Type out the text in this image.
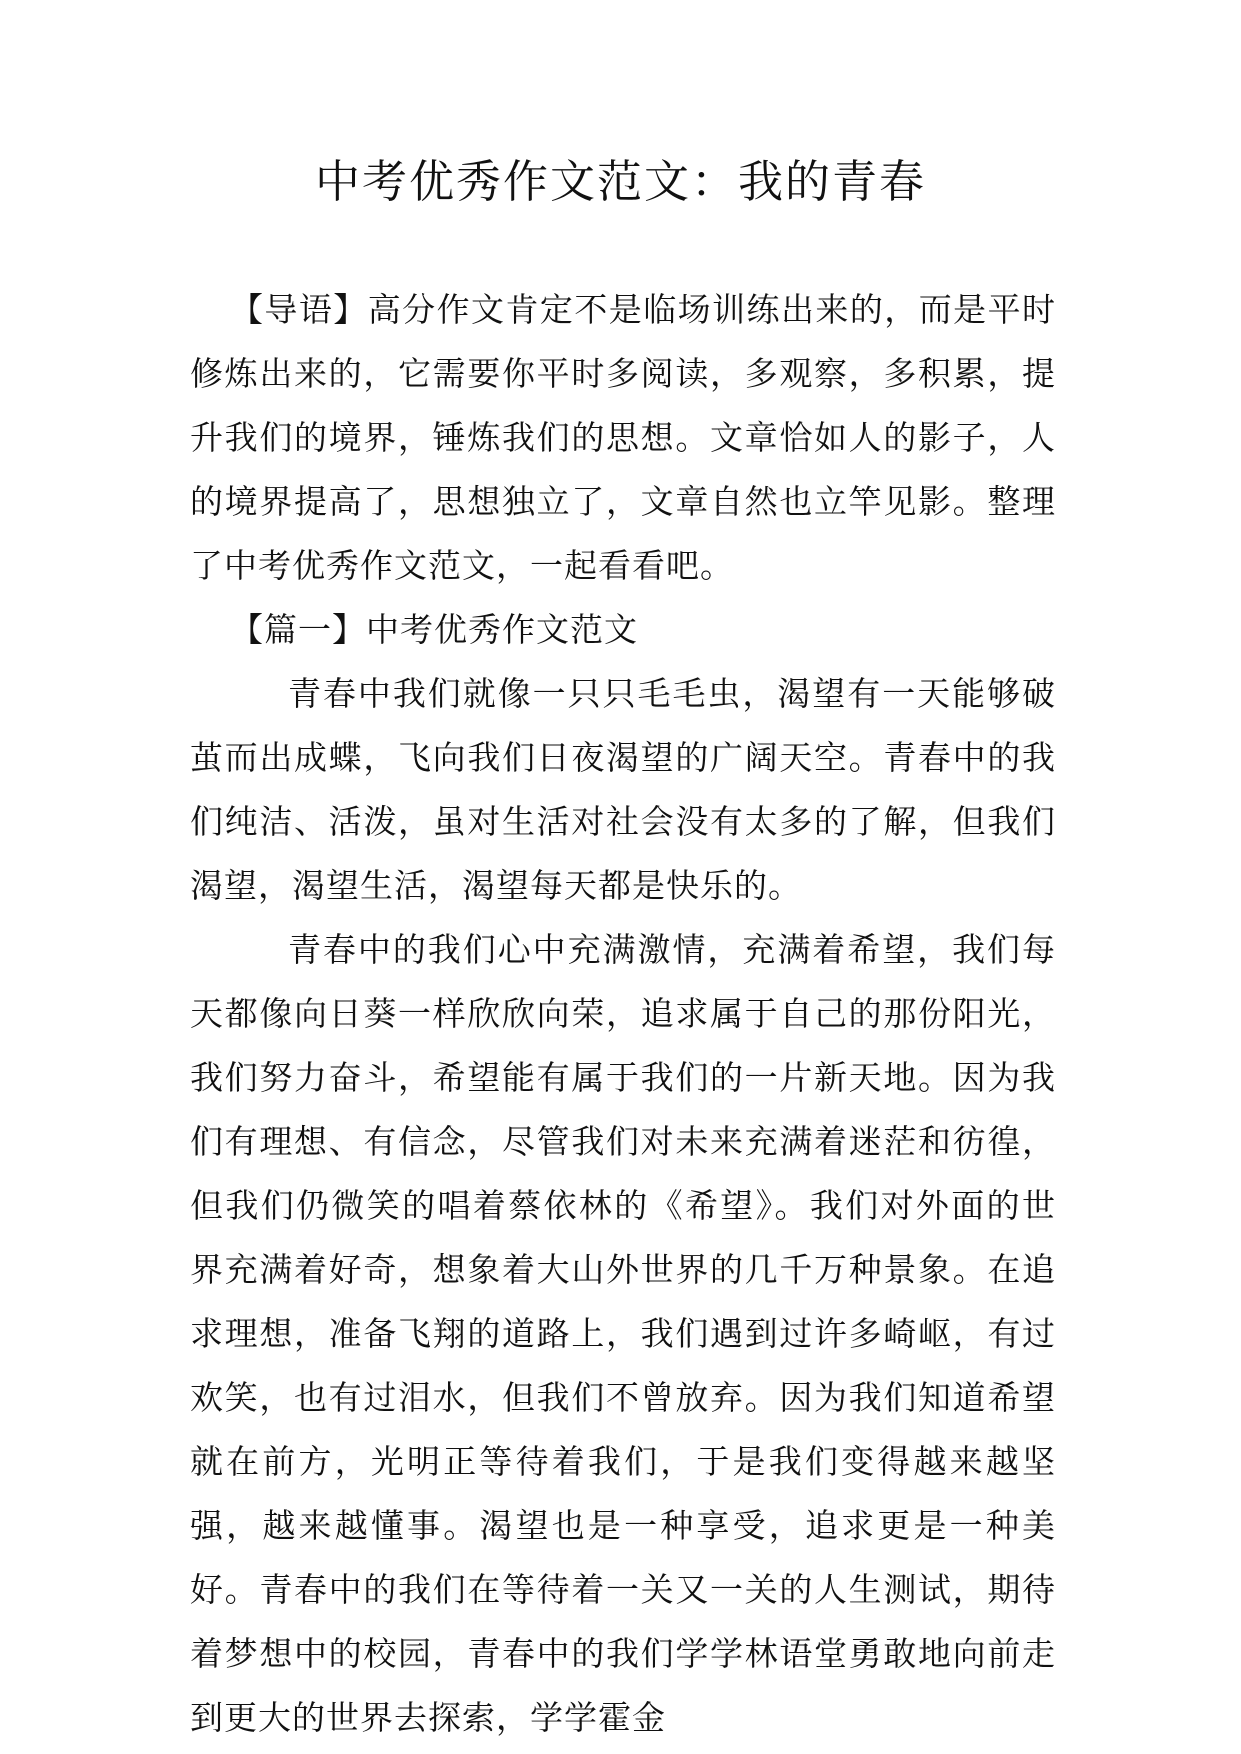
中考优秀作文范文：我的青春

【导语】高分作文肯定不是临场训练出来的，而是平时修炼出来的，它需要你平时多阅读，多观察，多积累，提升我们的境界，锤炼我们的思想。文章恰如人的影子，人的境界提高了，思想独立了，文章自然也立竿见影。整理了中考优秀作文范文，一起看看吧。

【篇一】中考优秀作文范文

青春中我们就像一只只毛毛虫，渴望有一天能够破茧而出成蝶，飞向我们日夜渴望的广阔天空。青春中的我们纯洁、活泼，虽对生活对社会没有太多的了解，但我们渴望，渴望生活，渴望每天都是快乐的。

青春中的我们心中充满激情，充满着希望，我们每天都像向日葵一样欣欣向荣，追求属于自己的那份阳光，我们努力奋斗，希望能有属于我们的一片新天地。因为我们有理想、有信念，尽管我们对未来充满着迷茫和彷徨，但我们仍微笑的唱着蔡依林的《希望》。我们对外面的世界充满着好奇，想象着大山外世界的几千万种景象。在追求理想，准备飞翔的道路上，我们遇到过许多崎岖，有过欢笑，也有过泪水，但我们不曾放弃。因为我们知道希望就在前方，光明正等待着我们，于是我们变得越来越坚强，越来越懂事。渴望也是一种享受，追求更是一种美好。青春中的我们在等待着一关又一关的人生测试，期待着梦想中的校园，青春中的我们学学林语堂勇敢地向前走到更大的世界去探索，学学霍金
